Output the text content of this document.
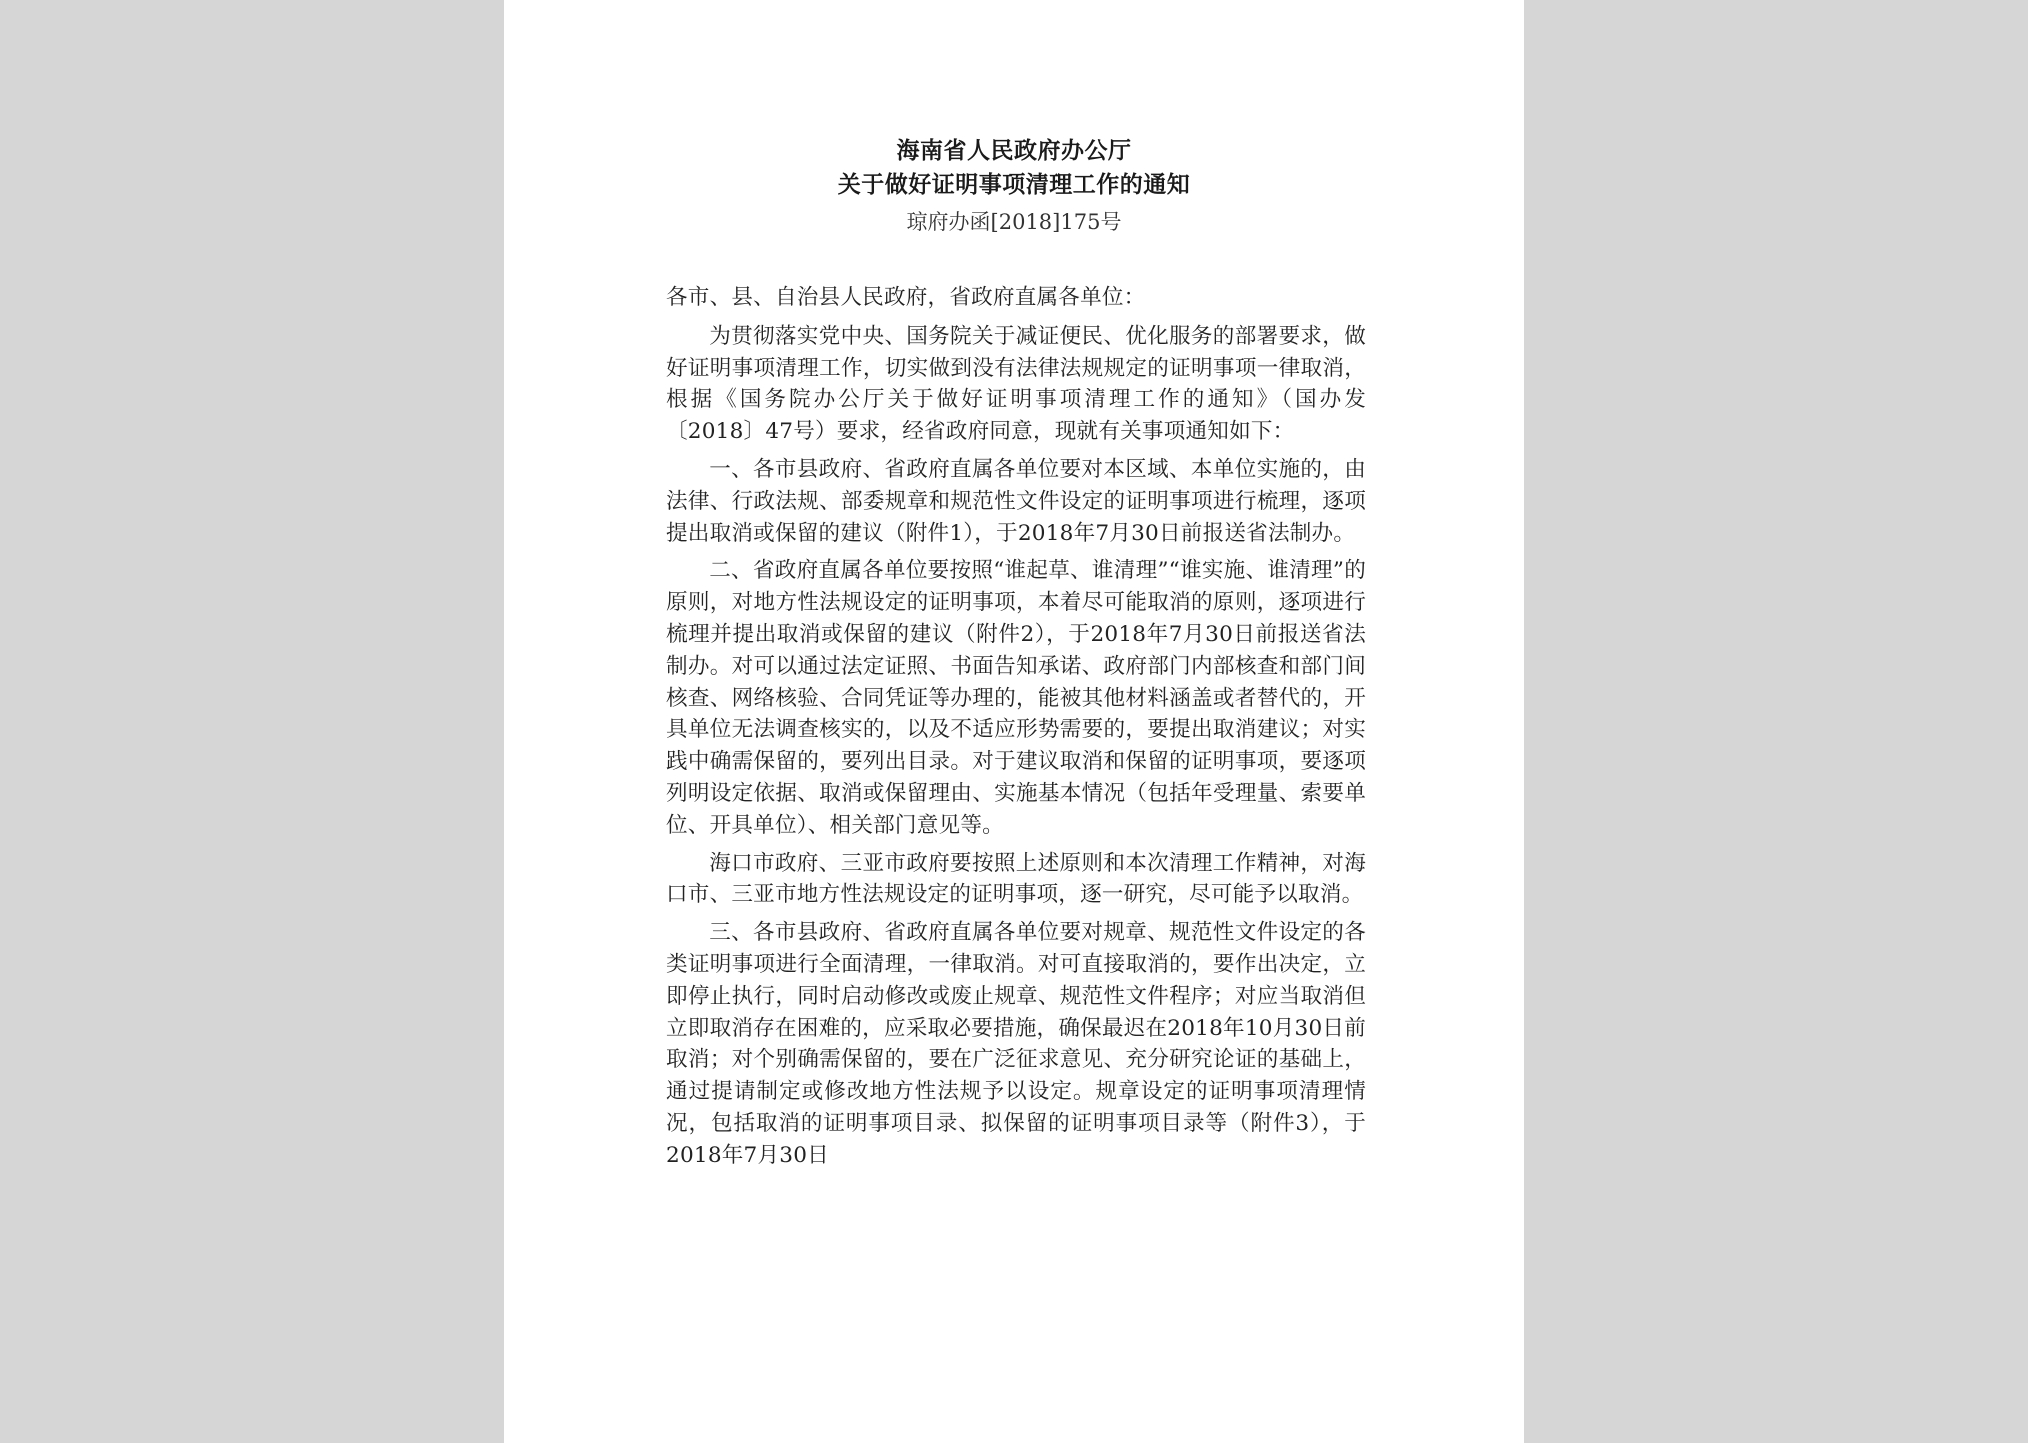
海南省人民政府办公厅
关于做好证明事项清理工作的通知
琼府办函[2018]175号

各市、县、自治县人民政府，省政府直属各单位：

为贯彻落实党中央、国务院关于减证便民、优化服务的部署要求，做好证明事项清理工作，切实做到没有法律法规规定的证明事项一律取消，根据《国务院办公厅关于做好证明事项清理工作的通知》（国办发〔2018〕47号）要求，经省政府同意，现就有关事项通知如下：

一、各市县政府、省政府直属各单位要对本区域、本单位实施的，由法律、行政法规、部委规章和规范性文件设定的证明事项进行梳理，逐项提出取消或保留的建议（附件1），于2018年7月30日前报送省法制办。

二、省政府直属各单位要按照“谁起草、谁清理”“谁实施、谁清理”的原则，对地方性法规设定的证明事项，本着尽可能取消的原则，逐项进行梳理并提出取消或保留的建议（附件2），于2018年7月30日前报送省法制办。对可以通过法定证照、书面告知承诺、政府部门内部核查和部门间核查、网络核验、合同凭证等办理的，能被其他材料涵盖或者替代的，开具单位无法调查核实的，以及不适应形势需要的，要提出取消建议；对实践中确需保留的，要列出目录。对于建议取消和保留的证明事项，要逐项列明设定依据、取消或保留理由、实施基本情况（包括年受理量、索要单位、开具单位）、相关部门意见等。

海口市政府、三亚市政府要按照上述原则和本次清理工作精神，对海口市、三亚市地方性法规设定的证明事项，逐一研究，尽可能予以取消。

三、各市县政府、省政府直属各单位要对规章、规范性文件设定的各类证明事项进行全面清理，一律取消。对可直接取消的，要作出决定，立即停止执行，同时启动修改或废止规章、规范性文件程序；对应当取消但立即取消存在困难的，应采取必要措施，确保最迟在2018年10月30日前取消；对个别确需保留的，要在广泛征求意见、充分研究论证的基础上，通过提请制定或修改地方性法规予以设定。规章设定的证明事项清理情况，包括取消的证明事项目录、拟保留的证明事项目录等（附件3），于2018年7月30日
